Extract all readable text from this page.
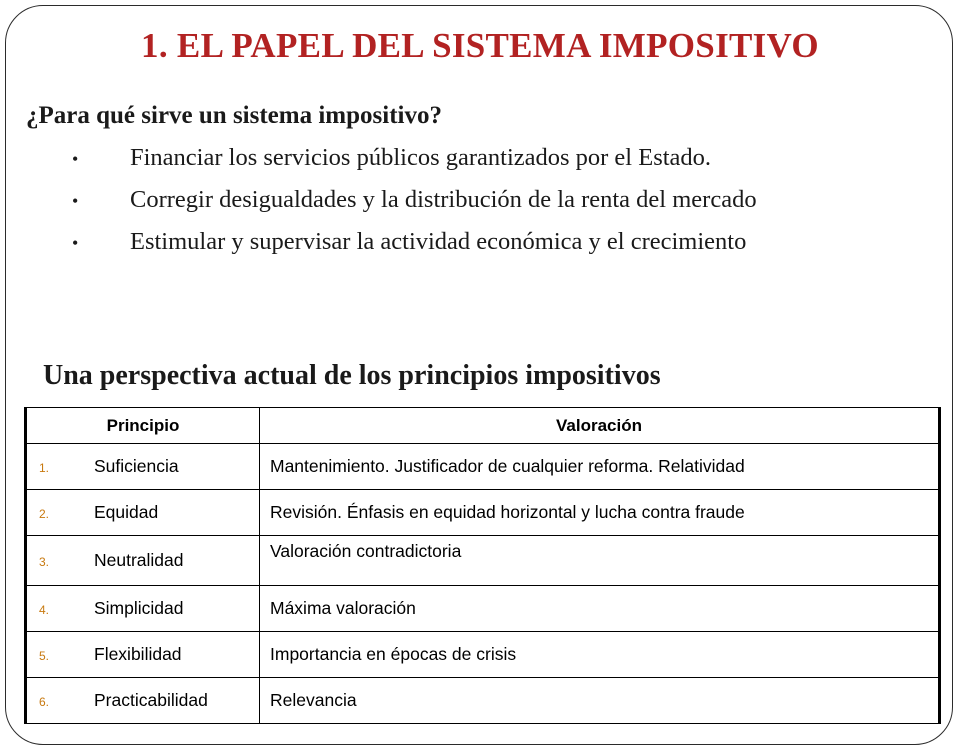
1. EL PAPEL DEL SISTEMA IMPOSITIVO
¿Para qué sirve un sistema impositivo?
• Financiar los servicios públicos garantizados por el Estado.
• Corregir desigualdades y la distribución de la renta del mercado
• Estimular y supervisar la actividad económica y el crecimiento
Una perspectiva actual de los principios impositivos
Principio	Valoración
1. Suficiencia	Mantenimiento. Justificador de cualquier reforma. Relatividad
2. Equidad	Revisión. Énfasis en equidad horizontal y lucha contra fraude
3. Neutralidad	Valoración contradictoria
4. Simplicidad	Máxima valoración
5. Flexibilidad	Importancia en épocas de crisis
6. Practicabilidad	Relevancia
